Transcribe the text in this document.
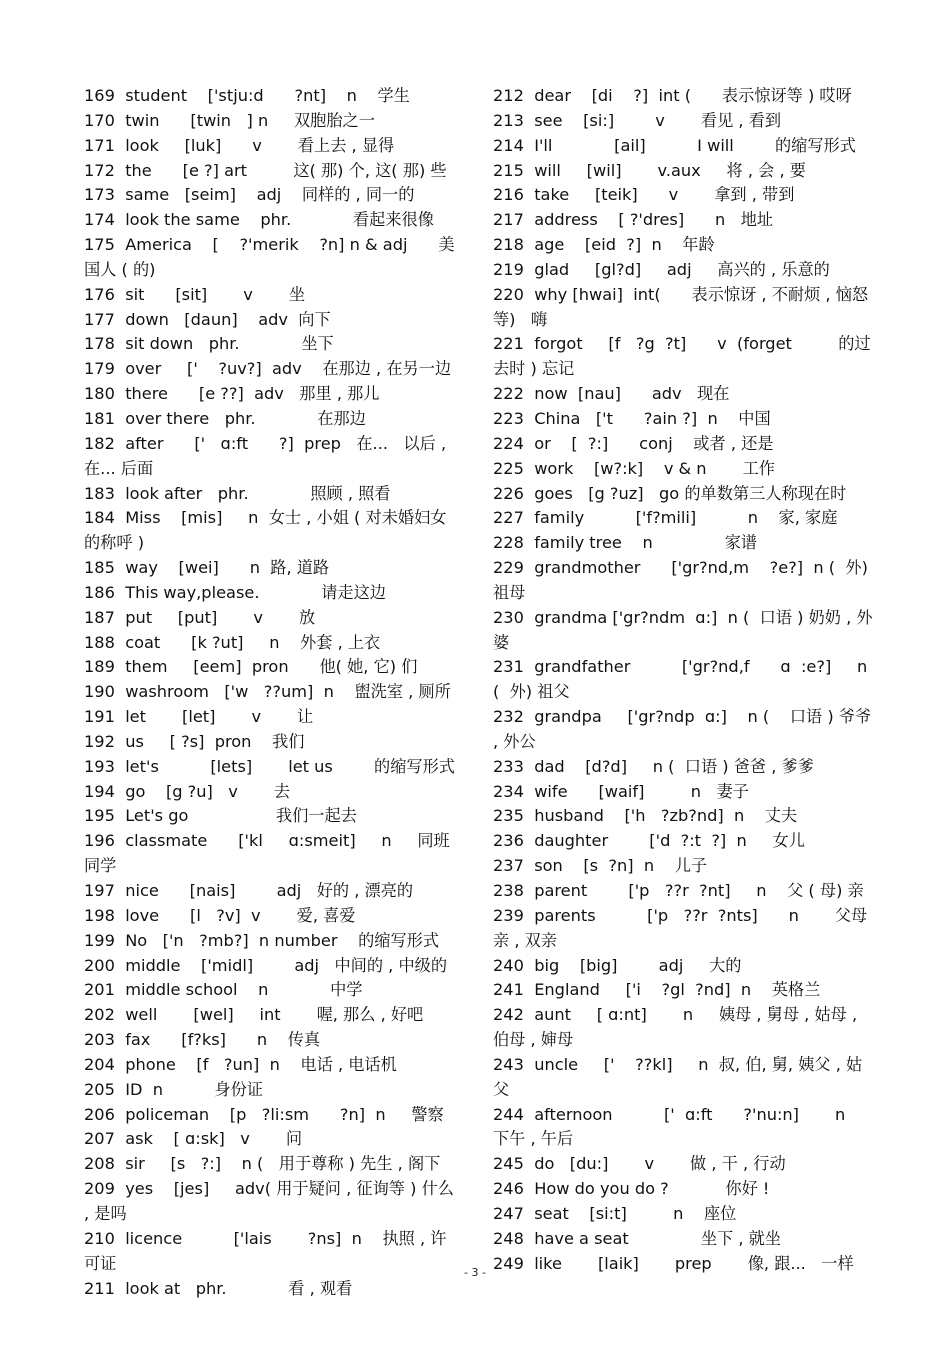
169  student    ['stju:d      ?nt]    n    学生
170  twin      [twin   ] n     双胞胎之一
171  look     [luk]      v       看上去 , 显得
172  the      [e ?] art         这( 那) 个, 这( 那) 些
173  same   [seim]    adj    同样的 , 同一的
174  look the same    phr.            看起来很像
175  America    [    ?'merik    ?n] n & adj      美国人 ( 的)
176  sit      [sit]       v       坐
177  down   [daun]    adv  向下
178  sit down   phr.            坐下
179  over     ['    ?uv?]  adv    在那边 , 在另一边
180  there      [e ??]  adv   那里 , 那儿
181  over there   phr.            在那边
182  after      ['   ɑ:ft      ?]  prep   在...   以后 , 在... 后面
183  look after   phr.            照顾 , 照看
184  Miss    [mis]     n  女士 , 小姐 ( 对未婚妇女的称呼 )
185  way    [wei]      n  路, 道路
186  This way,please.            请走这边
187  put     [put]       v       放
188  coat      [k ?ut]     n    外套 , 上衣
189  them     [eem]  pron      他( 她, 它) 们
190  washroom   ['w   ??um]  n    盥洗室 , 厕所
191  let       [let]       v       让
192  us     [ ?s]  pron    我们
193  let's          [lets]       let us        的缩写形式
194  go    [g ?u]   v       去
195  Let's go                 我们一起去
196  classmate      ['kl     ɑ:smeit]     n     同班同学
197  nice      [nais]        adj   好的 , 漂亮的
198  love      [l   ?v]  v       爱, 喜爱
199  No   ['n   ?mb?]  n number    的缩写形式
200  middle    ['midl]        adj   中间的 , 中级的
201  middle school    n            中学
202  well       [wel]     int       喔, 那么 , 好吧
203  fax      [f?ks]      n    传真
204  phone    [f   ?un]  n    电话 , 电话机
205  ID  n          身份证
206  policeman    [p   ?li:sm      ?n]  n     警察
207  ask    [ ɑ:sk]   v       问
208  sir     [s   ?:]    n (   用于尊称 ) 先生 , 阁下
209  yes    [jes]     adv( 用于疑问 , 征询等 ) 什么 , 是吗
210  licence          ['lais       ?ns]  n    执照 , 许可证
211  look at   phr.            看 , 观看
212  dear    [di    ?]  int (      表示惊讶等 ) 哎呀
213  see    [si:]        v       看见 , 看到
214  I'll            [ail]          I will        的缩写形式
215  will     [wil]       v.aux     将 , 会 , 要
216  take     [teik]      v       拿到 , 带到
217  address    [ ?'dres]      n   地址
218  age    [eid  ?]  n    年龄
219  glad     [gl?d]     adj     高兴的 , 乐意的
220  why [hwai]  int(      表示惊讶 , 不耐烦 , 恼怒等)   嗨
221  forgot     [f   ?g  ?t]      v  (forget         的过去时 ) 忘记
222  now  [nau]      adv   现在
223  China   ['t      ?ain ?]  n    中国
224  or    [  ?:]      conj    或者 , 还是
225  work    [w?:k]    v & n       工作
226  goes   [g ?uz]   go 的单数第三人称现在时
227  family          ['f?mili]          n    家, 家庭
228  family tree    n              家谱
229  grandmother      ['gr?nd,m    ?e?]  n (  外) 祖母
230  grandma ['gr?ndm  ɑ:]  n (  口语 ) 奶奶 , 外婆
231  grandfather          ['gr?nd,f      ɑ  :e?]     n (  外) 祖父
232  grandpa     ['gr?ndp  ɑ:]    n (    口语 ) 爷爷 , 外公
233  dad    [d?d]     n (  口语 ) 爸爸 , 爹爹
234  wife      [waif]         n   妻子
235  husband    ['h   ?zb?nd]  n    丈夫
236  daughter        ['d  ?:t  ?]  n     女儿
237  son    [s  ?n]  n    儿子
238  parent        ['p   ??r  ?nt]     n    父 ( 母) 亲
239  parents          ['p   ??r  ?nts]      n       父母亲 , 双亲
240  big    [big]        adj     大的
241  England     ['i    ?gl  ?nd]  n    英格兰
242  aunt     [ ɑ:nt]       n     姨母 , 舅母 , 姑母 , 伯母 , 婶母
243  uncle     ['    ??kl]     n  叔, 伯, 舅, 姨父 , 姑父
244  afternoon          ['  ɑ:ft      ?'nu:n]       n     下午 , 午后
245  do   [du:]       v       做 , 干 , 行动
246  How do you do ?           你好 !
247  seat    [si:t]         n    座位
248  have a seat              坐下 , 就坐
249  like       [laik]       prep       像, 跟...   一样
- 3 -
